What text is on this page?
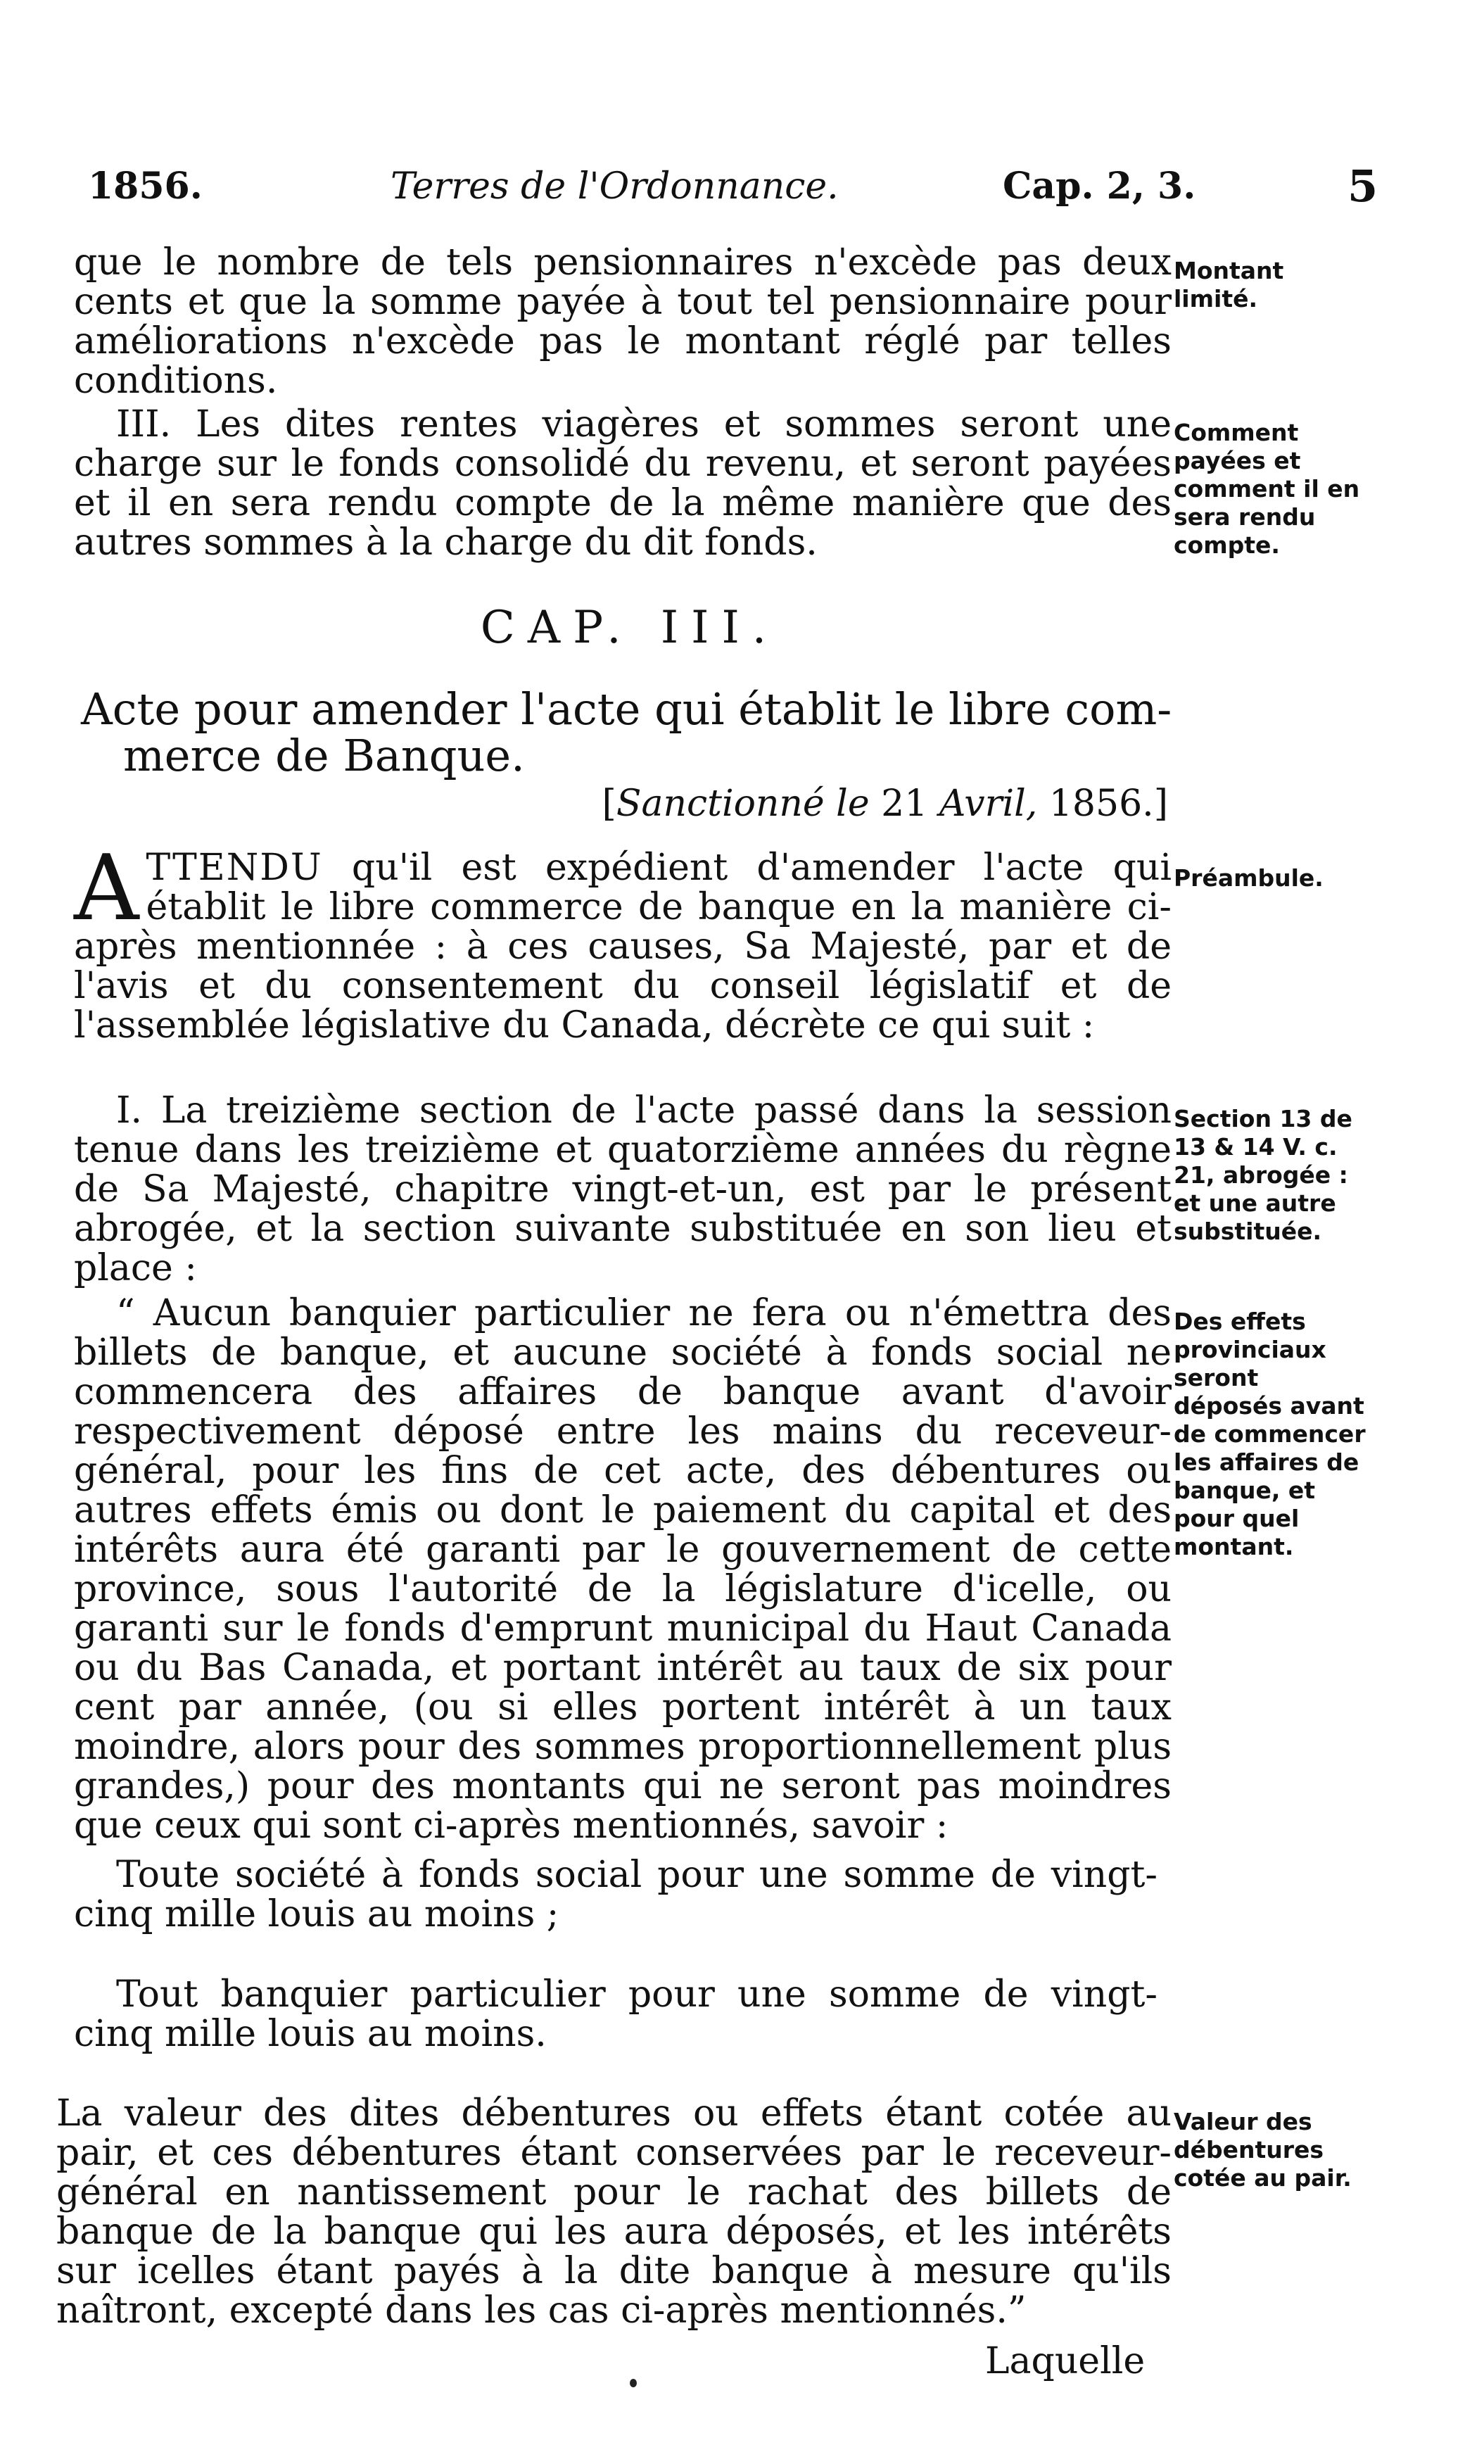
1856.	Terres de l'Ordonnance.	Cap. 2, 3.	5
que le nombre de tels pensionnaires n'excède pas deux cents et que la somme payée à tout tel pensionnaire pour améliorations n'excède pas le montant réglé par telles conditions.
Montant limité.
III. Les dites rentes viagères et sommes seront une charge sur le fonds consolidé du revenu, et seront payées et il en sera rendu compte de la même manière que des autres sommes à la charge du dit fonds.
Comment payées et comment il en sera rendu compte.
CAP. III.
Acte pour amender l'acte qui établit le libre com-
merce de Banque.
[Sanctionné le 21 Avril, 1856.]
ATTENDU qu'il est expédient d'amender l'acte qui établit le libre commerce de banque en la manière ci-après mentionnée : à ces causes, Sa Majesté, par et de l'avis et du consentement du conseil législatif et de l'assemblée législative du Canada, décrète ce qui suit :
Préambule.
I. La treizième section de l'acte passé dans la session tenue dans les treizième et quatorzième années du règne de Sa Majesté, chapitre vingt-et-un, est par le présent abrogée, et la section suivante substituée en son lieu et place :
Section 13 de 13 & 14 V. c. 21, abrogée : et une autre substituée.
“ Aucun banquier particulier ne fera ou n'émettra des billets de banque, et aucune société à fonds social ne commencera des affaires de banque avant d'avoir respectivement déposé entre les mains du receveur-général, pour les fins de cet acte, des débentures ou autres effets émis ou dont le paiement du capital et des intérêts aura été garanti par le gouvernement de cette province, sous l'autorité de la législature d'icelle, ou garanti sur le fonds d'emprunt municipal du Haut Canada ou du Bas Canada, et portant intérêt au taux de six pour cent par année, (ou si elles portent intérêt à un taux moindre, alors pour des sommes proportionnellement plus grandes,) pour des montants qui ne seront pas moindres que ceux qui sont ci-après mentionnés, savoir :
Des effets provinciaux seront déposés avant de commencer les affaires de banque, et pour quel montant.
Toute société à fonds social pour une somme de vingt-cinq mille louis au moins ;
Tout banquier particulier pour une somme de vingt-cinq mille louis au moins.
La valeur des dites débentures ou effets étant cotée au pair, et ces débentures étant conservées par le receveur-général en nantissement pour le rachat des billets de banque de la banque qui les aura déposés, et les intérêts sur icelles étant payés à la dite banque à mesure qu'ils naîtront, excepté dans les cas ci-après mentionnés.”
Valeur des débentures cotée au pair.
Laquelle
